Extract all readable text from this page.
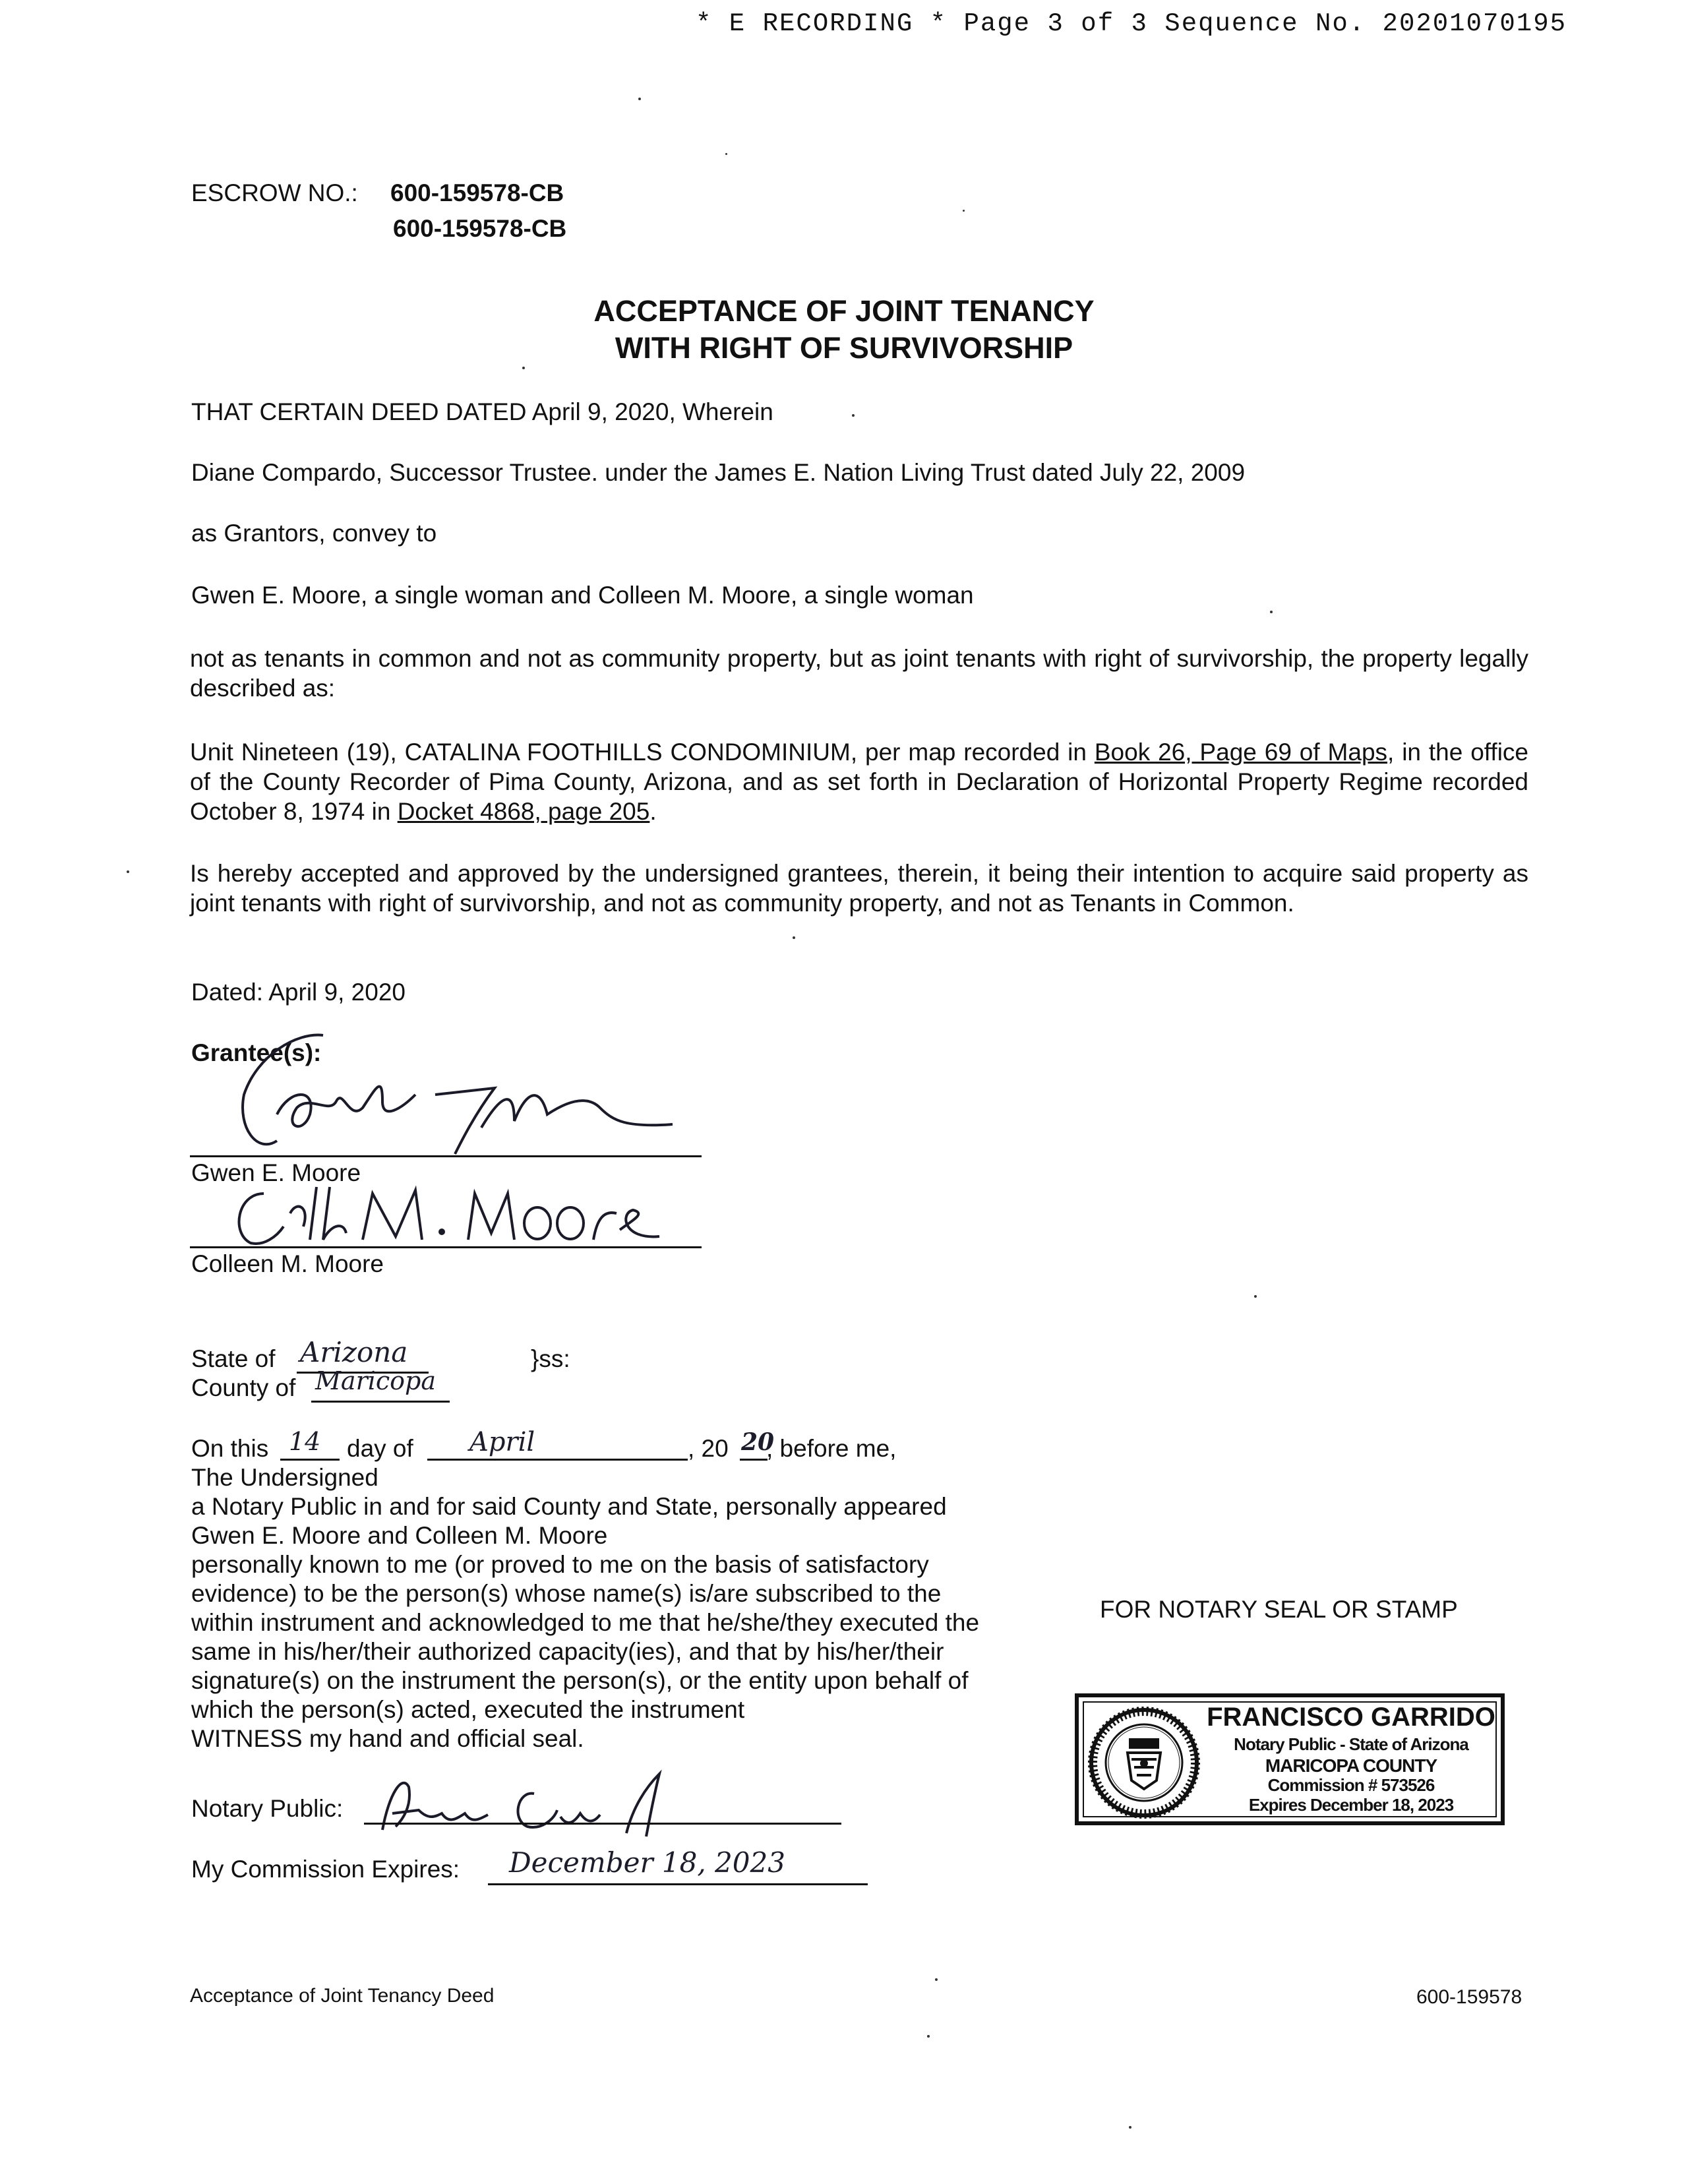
* E RECORDING * Page 3 of 3 Sequence No. 20201070195
ESCROW NO.: 600-159578-CB
600-159578-CB
ACCEPTANCE OF JOINT TENANCY
WITH RIGHT OF SURVIVORSHIP
THAT CERTAIN DEED DATED April 9, 2020, Wherein
Diane Compardo, Successor Trustee. under the James E. Nation Living Trust dated July 22, 2009
as Grantors, convey to
Gwen E. Moore, a single woman and Colleen M. Moore, a single woman
not as tenants in common and not as community property, but as joint tenants with right of survivorship, the property legally described as:
Unit Nineteen (19), CATALINA FOOTHILLS CONDOMINIUM, per map recorded in Book 26, Page 69 of Maps, in the office of the County Recorder of Pima County, Arizona, and as set forth in Declaration of Horizontal Property Regime recorded October 8, 1974 in Docket 4868, page 205.
Is hereby accepted and approved by the undersigned grantees, therein, it being their intention to acquire said property as joint tenants with right of survivorship, and not as community property, and not as Tenants in Common.
Dated: April 9, 2020
Grantee(s):
Gwen E. Moore
Colleen M. Moore
State of Arizona	}ss:
County of Maricopa
On this 14 day of April	, 20 20
, before me,
The Undersigned
a Notary Public in and for said County and State, personally appeared
Gwen E. Moore and Colleen M. Moore
personally known to me (or proved to me on the basis of satisfactory
evidence) to be the person(s) whose name(s) is/are subscribed to the
within instrument and acknowledged to me that he/she/they executed the
same in his/her/their authorized capacity(ies), and that by his/her/their
signature(s) on the instrument the person(s), or the entity upon behalf of
which the person(s) acted, executed the instrument
WITNESS my hand and official seal.
Notary Public:
My Commission Expires: December 18, 2023
FOR NOTARY SEAL OR STAMP
FRANCISCO GARRIDO
Notary Public - State of Arizona
MARICOPA COUNTY
Commission # 573526
Expires December 18, 2023
Acceptance of Joint Tenancy Deed	600-159578
